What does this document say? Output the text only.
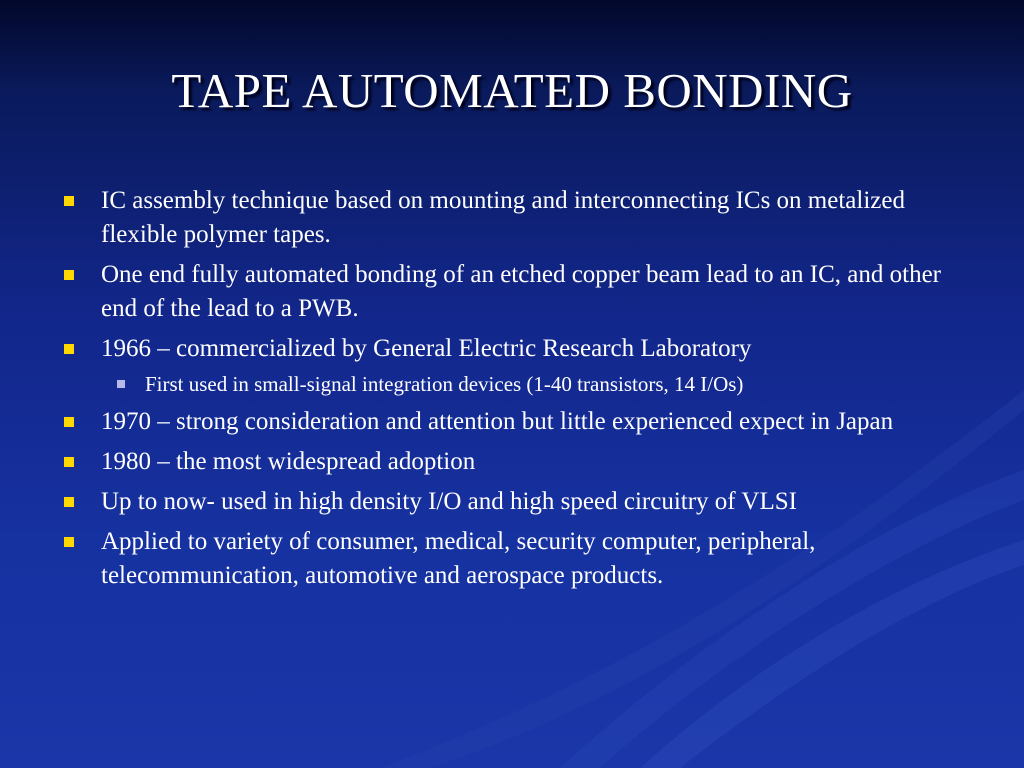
TAPE AUTOMATED BONDING
IC assembly technique based on mounting and interconnecting ICs on metalized flexible polymer tapes.
One end fully automated bonding of an etched copper beam lead to an IC, and other end of the lead to a PWB.
1966 – commercialized by General Electric Research Laboratory
First used in small-signal integration devices (1-40 transistors, 14 I/Os)
1970 – strong consideration and attention but little experienced expect in Japan
1980 – the most widespread adoption
Up to now- used in high density I/O and high speed circuitry of VLSI
Applied to variety of consumer, medical, security computer, peripheral, telecommunication, automotive and aerospace products.
